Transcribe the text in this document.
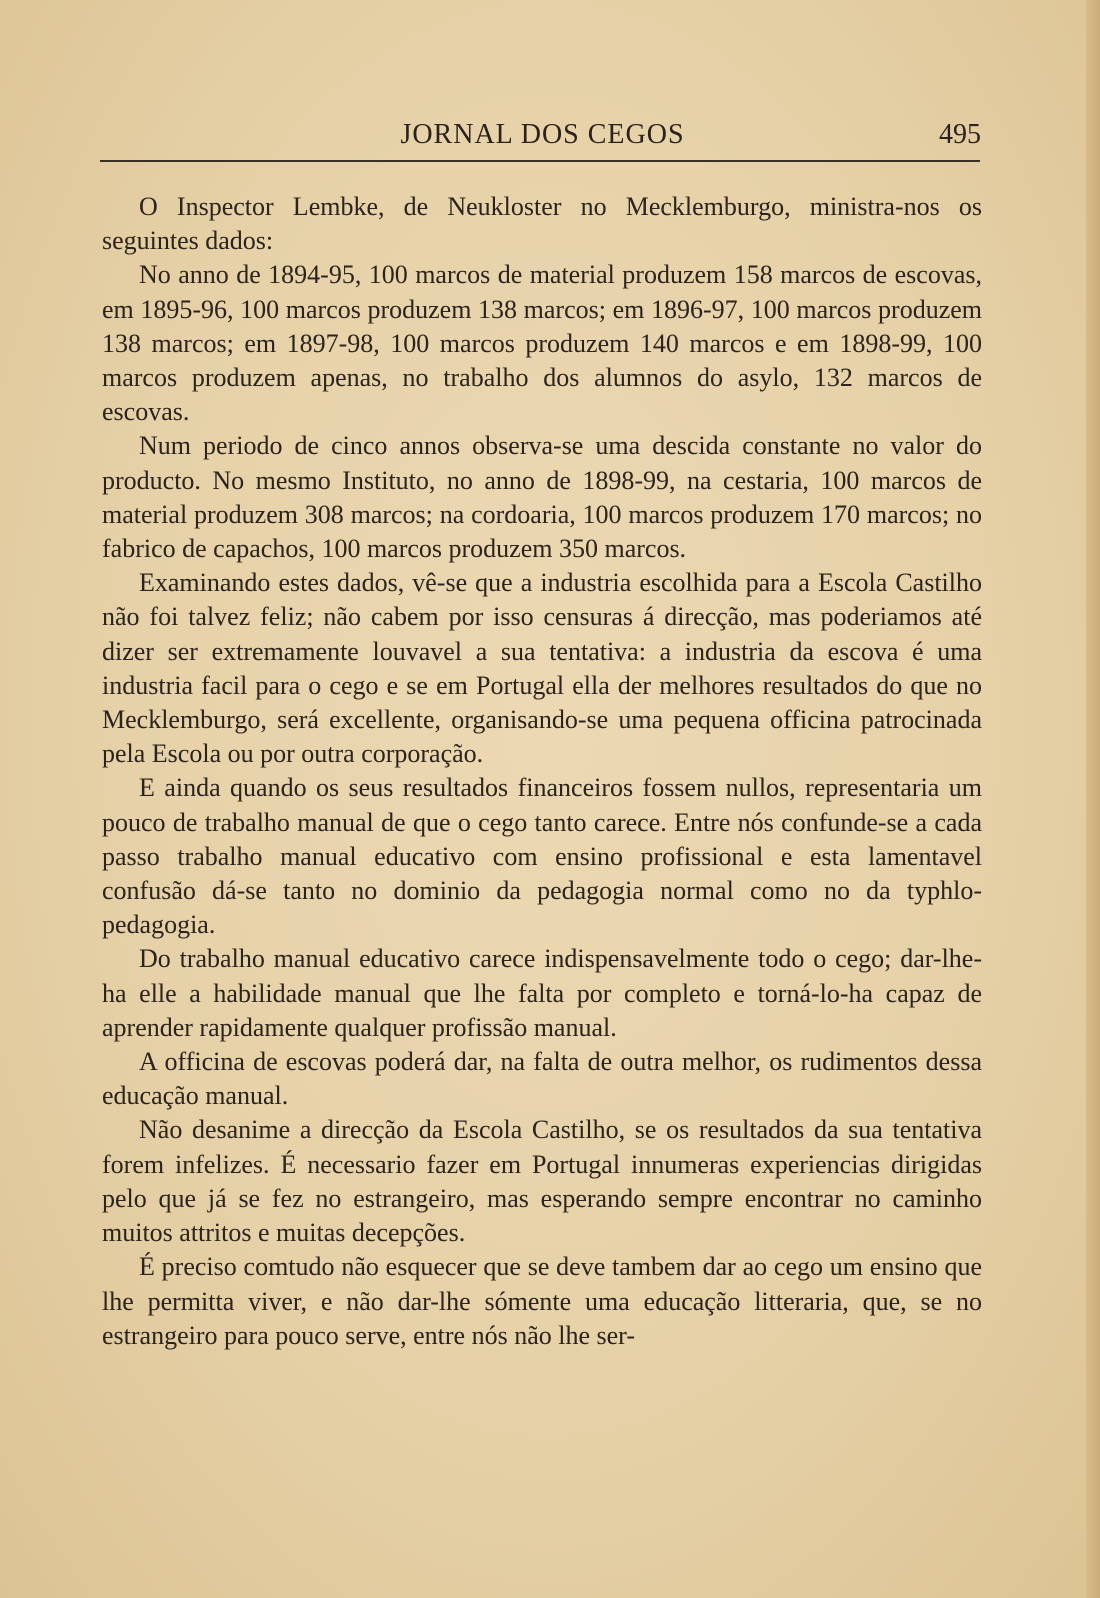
JORNAL DOS CEGOS	495

O Inspector Lembke, de Neukloster no Mecklemburgo, ministra-nos os seguintes dados:

No anno de 1894-95, 100 marcos de material produzem 158 marcos de escovas, em 1895-96, 100 marcos produzem 138 marcos; em 1896-97, 100 marcos produzem 138 marcos; em 1897-98, 100 marcos produzem 140 marcos e em 1898-99, 100 marcos produzem apenas, no trabalho dos alumnos do asylo, 132 marcos de escovas.

Num periodo de cinco annos observa-se uma descida constante no valor do producto. No mesmo Instituto, no anno de 1898-99, na cestaria, 100 marcos de material produzem 308 marcos; na cordoaria, 100 marcos produzem 170 marcos; no fabrico de capachos, 100 marcos produzem 350 marcos.

Examinando estes dados, vê-se que a industria escolhida para a Escola Castilho não foi talvez feliz; não cabem por isso censuras á direcção, mas poderiamos até dizer ser extremamente louvavel a sua tentativa: a industria da escova é uma industria facil para o cego e se em Portugal ella der melhores resultados do que no Mecklemburgo, será excellente, organisando-se uma pequena officina patrocinada pela Escola ou por outra corporação.

E ainda quando os seus resultados financeiros fossem nullos, representaria um pouco de trabalho manual de que o cego tanto carece. Entre nós confunde-se a cada passo trabalho manual educativo com ensino profissional e esta lamentavel confusão dá-se tanto no dominio da pedagogia normal como no da typhlo-pedagogia.

Do trabalho manual educativo carece indispensavelmente todo o cego; dar-lhe-ha elle a habilidade manual que lhe falta por completo e torná-lo-ha capaz de aprender rapidamente qualquer profissão manual.

A officina de escovas poderá dar, na falta de outra melhor, os rudimentos dessa educação manual.

Não desanime a direcção da Escola Castilho, se os resultados da sua tentativa forem infelizes. É necessario fazer em Portugal innumeras experiencias dirigidas pelo que já se fez no estrangeiro, mas esperando sempre encontrar no caminho muitos attritos e muitas decepções.

É preciso comtudo não esquecer que se deve tambem dar ao cego um ensino que lhe permitta viver, e não dar-lhe sómente uma educação litteraria, que, se no estrangeiro para pouco serve, entre nós não lhe ser-
